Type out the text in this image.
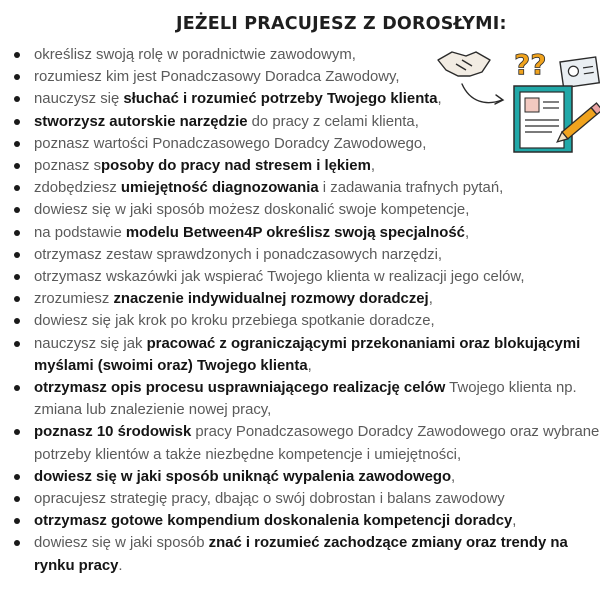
JEŻELI PRACUJESZ Z DOROSŁYMI:
??
określisz swoją rolę w poradnictwie zawodowym,
rozumiesz kim jest Ponadczasowy Doradca Zawodowy,
nauczysz się słuchać i rozumieć potrzeby Twojego klienta,
stworzysz autorskie narzędzie do pracy z celami klienta,
poznasz wartości Ponadczasowego Doradcy Zawodowego,
poznasz sposoby do pracy nad stresem i lękiem,
zdobędziesz umiejętność diagnozowania i zadawania trafnych pytań,
dowiesz się w jaki sposób możesz doskonalić swoje kompetencje,
na podstawie modelu Between4P określisz swoją specjalność,
otrzymasz zestaw sprawdzonych i ponadczasowych narzędzi,
otrzymasz wskazówki jak wspierać Twojego klienta w realizacji jego celów,
zrozumiesz znaczenie indywidualnej rozmowy doradczej,
dowiesz się jak krok po kroku przebiega spotkanie doradcze,
nauczysz się jak pracować z ograniczającymi przekonaniami oraz blokującymi myślami (swoimi oraz) Twojego klienta,
otrzymasz opis procesu usprawniającego realizację celów Twojego klienta np. zmiana lub znalezienie nowej pracy,
poznasz 10 środowisk pracy Ponadczasowego Doradcy Zawodowego oraz wybrane potrzeby klientów a także niezbędne kompetencje i umiejętności,
dowiesz się w jaki sposób uniknąć wypalenia zawodowego,
opracujesz strategię pracy, dbając o swój dobrostan i balans zawodowy
otrzymasz gotowe kompendium doskonalenia kompetencji doradcy,
dowiesz się w jaki sposób znać i rozumieć zachodzące zmiany oraz trendy na rynku pracy.
